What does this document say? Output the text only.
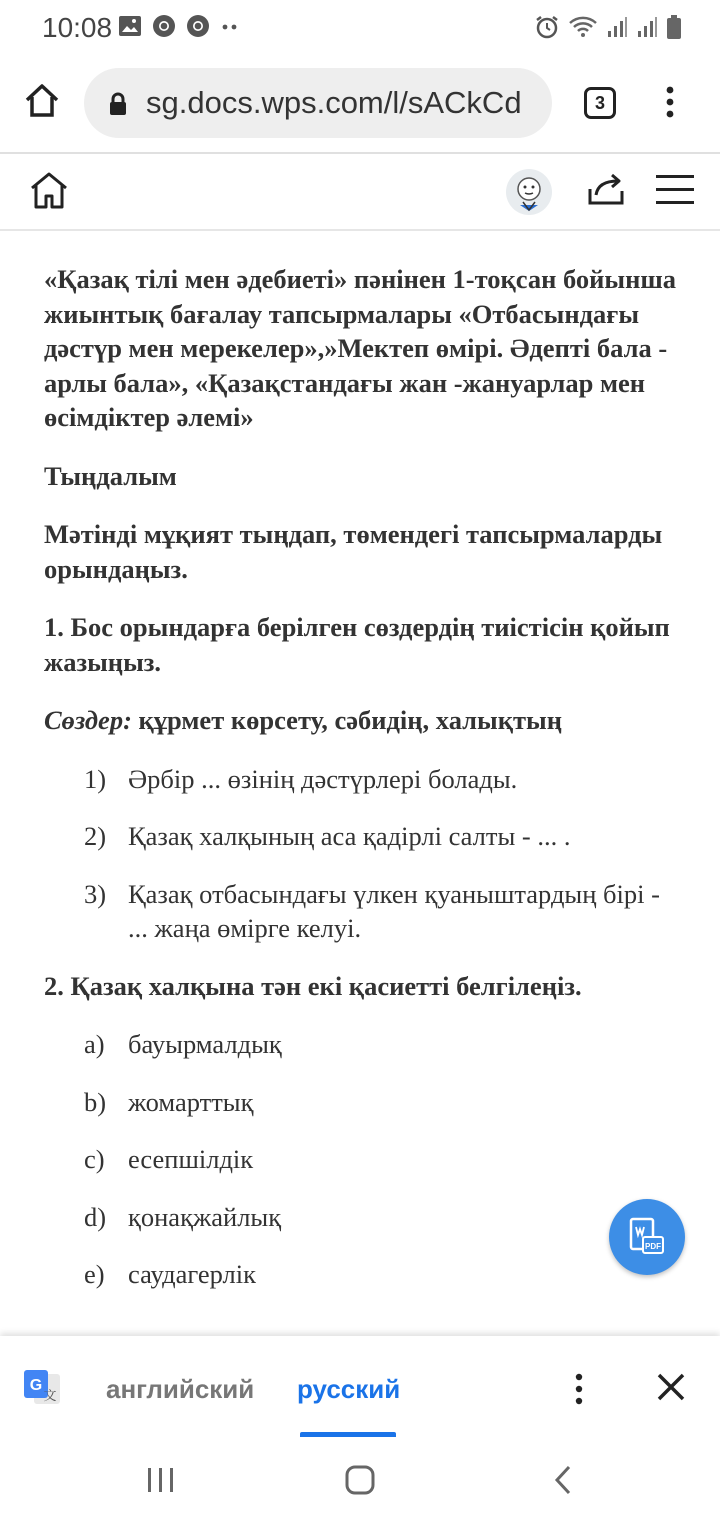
10:08
sg.docs.wps.com/l/sACkCd	3

«Қазақ тілі мен әдебиеті» пәнінен 1-тоқсан бойынша жиынтық бағалау тапсырмалары «Отбасындағы дәстүр мен мерекелер»,»Мектеп өмірі. Әдепті бала - арлы бала», «Қазақстандағы жан -жануарлар мен өсімдіктер әлемі»

Тыңдалым

Мәтінді мұқият тыңдап, төмендегі тапсырмаларды орындаңыз.

1. Бос орындарға берілген сөздердің тиістісін қойып жазыңыз.

Сөздер: құрмет көрсету, сәбидің, халықтың
1) Әрбір ... өзінің дәстүрлері болады.
2) Қазақ халқының аса қадірлі салты - ... .
3) Қазақ отбасындағы үлкен қуаныштардың бірі - ... жаңа өмірге келуі.

2. Қазақ халқына тән екі қасиетті белгілеңіз.

a) бауырмалдық
b) жомарттық
c) есепшілдік
d) қонақжайлық
e) саудагерлік
PDF
G
文 английский русский
